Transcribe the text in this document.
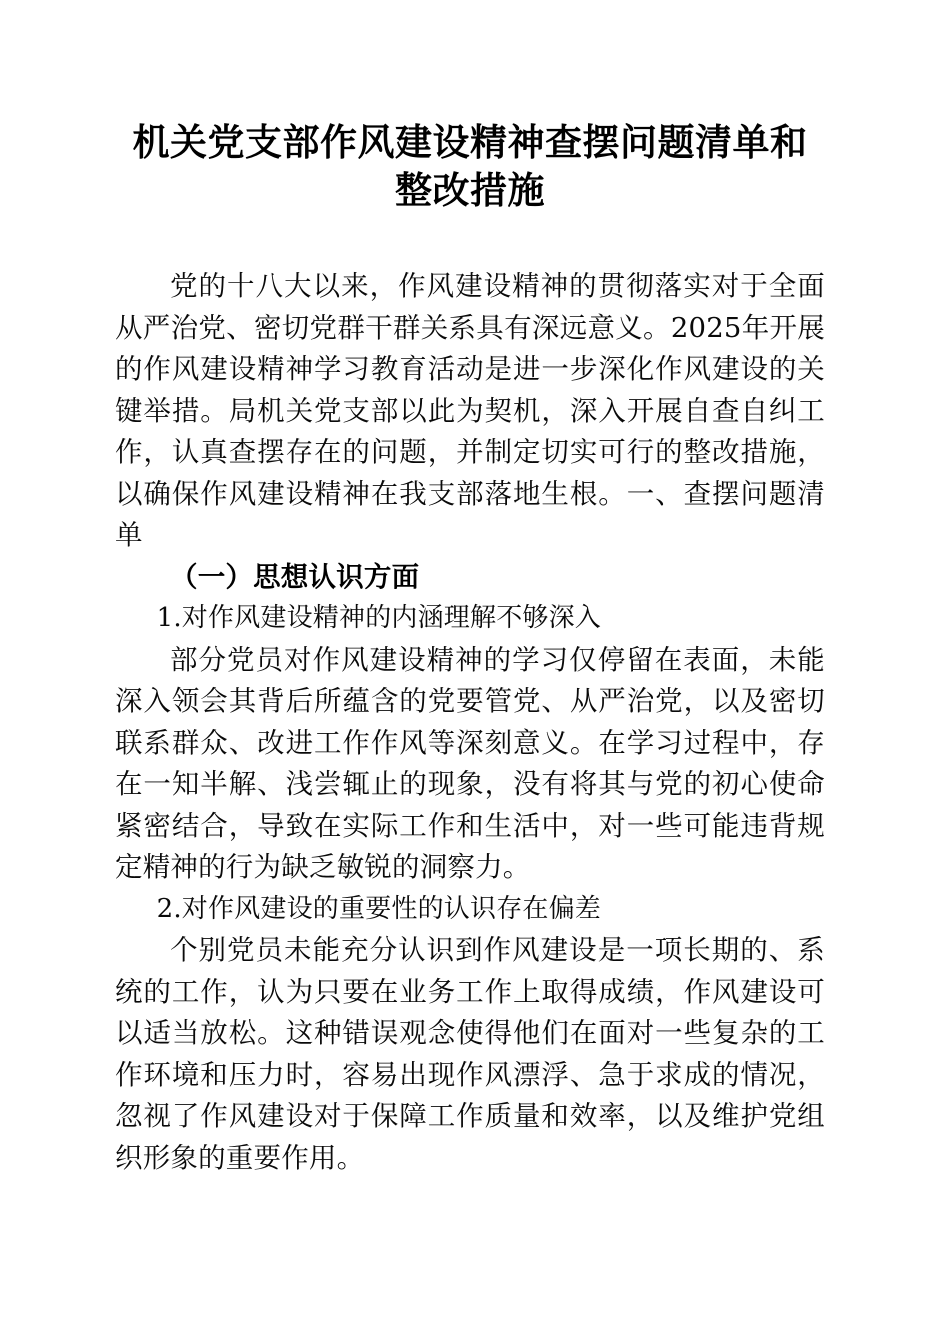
机关党支部作风建设精神查摆问题清单和整改措施

党的十八大以来，作风建设精神的贯彻落实对于全面从严治党、密切党群干群关系具有深远意义。2025年开展的作风建设精神学习教育活动是进一步深化作风建设的关键举措。局机关党支部以此为契机，深入开展自查自纠工作，认真查摆存在的问题，并制定切实可行的整改措施，以确保作风建设精神在我支部落地生根。一、查摆问题清单

（一）思想认识方面

1.对作风建设精神的内涵理解不够深入

部分党员对作风建设精神的学习仅停留在表面，未能深入领会其背后所蕴含的党要管党、从严治党，以及密切联系群众、改进工作作风等深刻意义。在学习过程中，存在一知半解、浅尝辄止的现象，没有将其与党的初心使命紧密结合，导致在实际工作和生活中，对一些可能违背规定精神的行为缺乏敏锐的洞察力。

2.对作风建设的重要性的认识存在偏差

个别党员未能充分认识到作风建设是一项长期的、系统的工作，认为只要在业务工作上取得成绩，作风建设可以适当放松。这种错误观念使得他们在面对一些复杂的工作环境和压力时，容易出现作风漂浮、急于求成的情况，忽视了作风建设对于保障工作质量和效率，以及维护党组织形象的重要作用。
